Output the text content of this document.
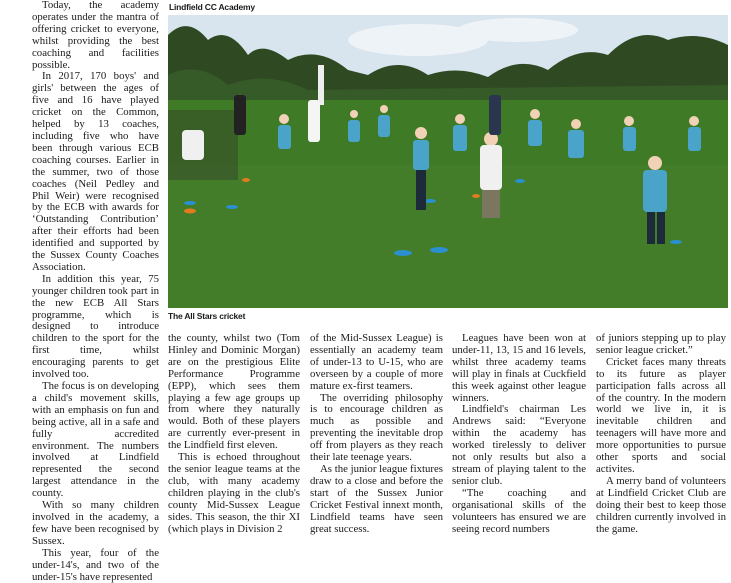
Today, the academy operates under the mantra of offering cricket to everyone, whilst providing the best coaching and facilities possible.

In 2017, 170 boys' and girls' between the ages of five and 16 have played cricket on the Common, helped by 13 coaches, including five who have been through various ECB coaching courses. Earlier in the summer, two of those coaches (Neil Pedley and Phil Weir) were recognised by the ECB with awards for ‘Outstanding Contribution’ after their efforts had been identified and supported by the Sussex County Coaches Association.

In addition this year, 75 younger children took part in the new ECB All Stars programme, which is designed to introduce children to the sport for the first time, whilst encouraging parents to get involved too.

The focus is on developing a child's movement skills, with an emphasis on fun and being active, all in a safe and fully accredited environment. The numbers involved at Lindfield represented the second largest attendance in the county.

With so many children involved in the academy, a few have been recognised by Sussex.

This year, four of the under-14's, and two of the under-15's have represented

Lindfield CC Academy
The All Stars cricket

the county, whilst two (Tom Hinley and Dominic Morgan) are on the prestigious Elite Performance Programme (EPP), which sees them playing a few age groups up from where they naturally would. Both of these players are currently ever-present in the Lindfield first eleven.

This is echoed throughout the senior league teams at the club, with many academy children playing in the club's county Mid-Sussex League sides. This season, the thir XI (which plays in Division 2

of the Mid-Sussex League) is essentially an academy team of under-13 to U-15, who are overseen by a couple of more mature ex-first teamers.

The overriding philosophy is to encourage children as much as possible and preventing the inevitable drop off from players as they reach their late teenage years.

As the junior league fixtures draw to a close and before the start of the Sussex Junior Cricket Festival innext month, Lindfield teams have seen great success.

Leagues have been won at under-11, 13, 15 and 16 levels, whilst three academy teams will play in finals at Cuckfield this week against other league winners.

Lindfield's chairman Les Andrews said: “Everyone within the academy has worked tirelessly to deliver not only results but also a stream of playing talent to the senior club.

“The coaching and organisational skills of the volunteers has ensured we are seeing record numbers

of juniors stepping up to play senior league cricket.”

Cricket faces many threats to its future as player participation falls across all of the country. In the modern world we live in, it is inevitable children and teenagers will have more and more opportunities to pursue other sports and social activites.

A merry band of volunteers at Lindfield Cricket Club are doing their best to keep those children currently involved in the game.
